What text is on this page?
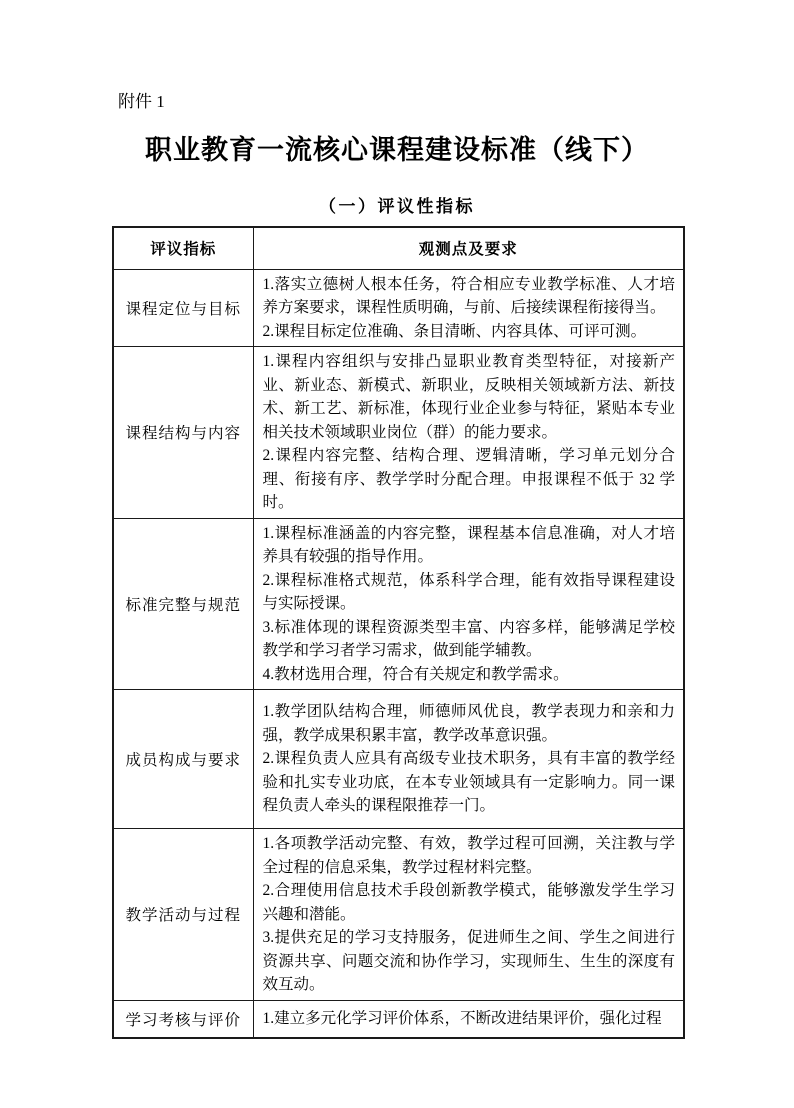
附件 1
职业教育一流核心课程建设标准（线下）
（一）评议性指标
评议指标	观测点及要求
课程定位与目标	1.落实立德树人根本任务，符合相应专业教学标准、人才培养方案要求，课程性质明确，与前、后接续课程衔接得当。

2.课程目标定位准确、条目清晰、内容具体、可评可测。

课程结构与内容	1.课程内容组织与安排凸显职业教育类型特征，对接新产业、新业态、新模式、新职业，反映相关领域新方法、新技术、新工艺、新标准，体现行业企业参与特征，紧贴本专业相关技术领域职业岗位（群）的能力要求。

2.课程内容完整、结构合理、逻辑清晰，学习单元划分合理、衔接有序、教学学时分配合理。申报课程不低于 32 学时。

标准完整与规范	1.课程标准涵盖的内容完整，课程基本信息准确，对人才培养具有较强的指导作用。

2.课程标准格式规范，体系科学合理，能有效指导课程建设与实际授课。

3.标准体现的课程资源类型丰富、内容多样，能够满足学校教学和学习者学习需求，做到能学辅教。

4.教材选用合理，符合有关规定和教学需求。

成员构成与要求	1.教学团队结构合理，师德师风优良，教学表现力和亲和力强，教学成果积累丰富，教学改革意识强。

2.课程负责人应具有高级专业技术职务，具有丰富的教学经验和扎实专业功底，在本专业领域具有一定影响力。同一课程负责人牵头的课程限推荐一门。

教学活动与过程	1.各项教学活动完整、有效，教学过程可回溯，关注教与学全过程的信息采集，教学过程材料完整。

2.合理使用信息技术手段创新教学模式，能够激发学生学习兴趣和潜能。

3.提供充足的学习支持服务，促进师生之间、学生之间进行资源共享、问题交流和协作学习，实现师生、生生的深度有效互动。

学习考核与评价	1.建立多元化学习评价体系，不断改进结果评价，强化过程
